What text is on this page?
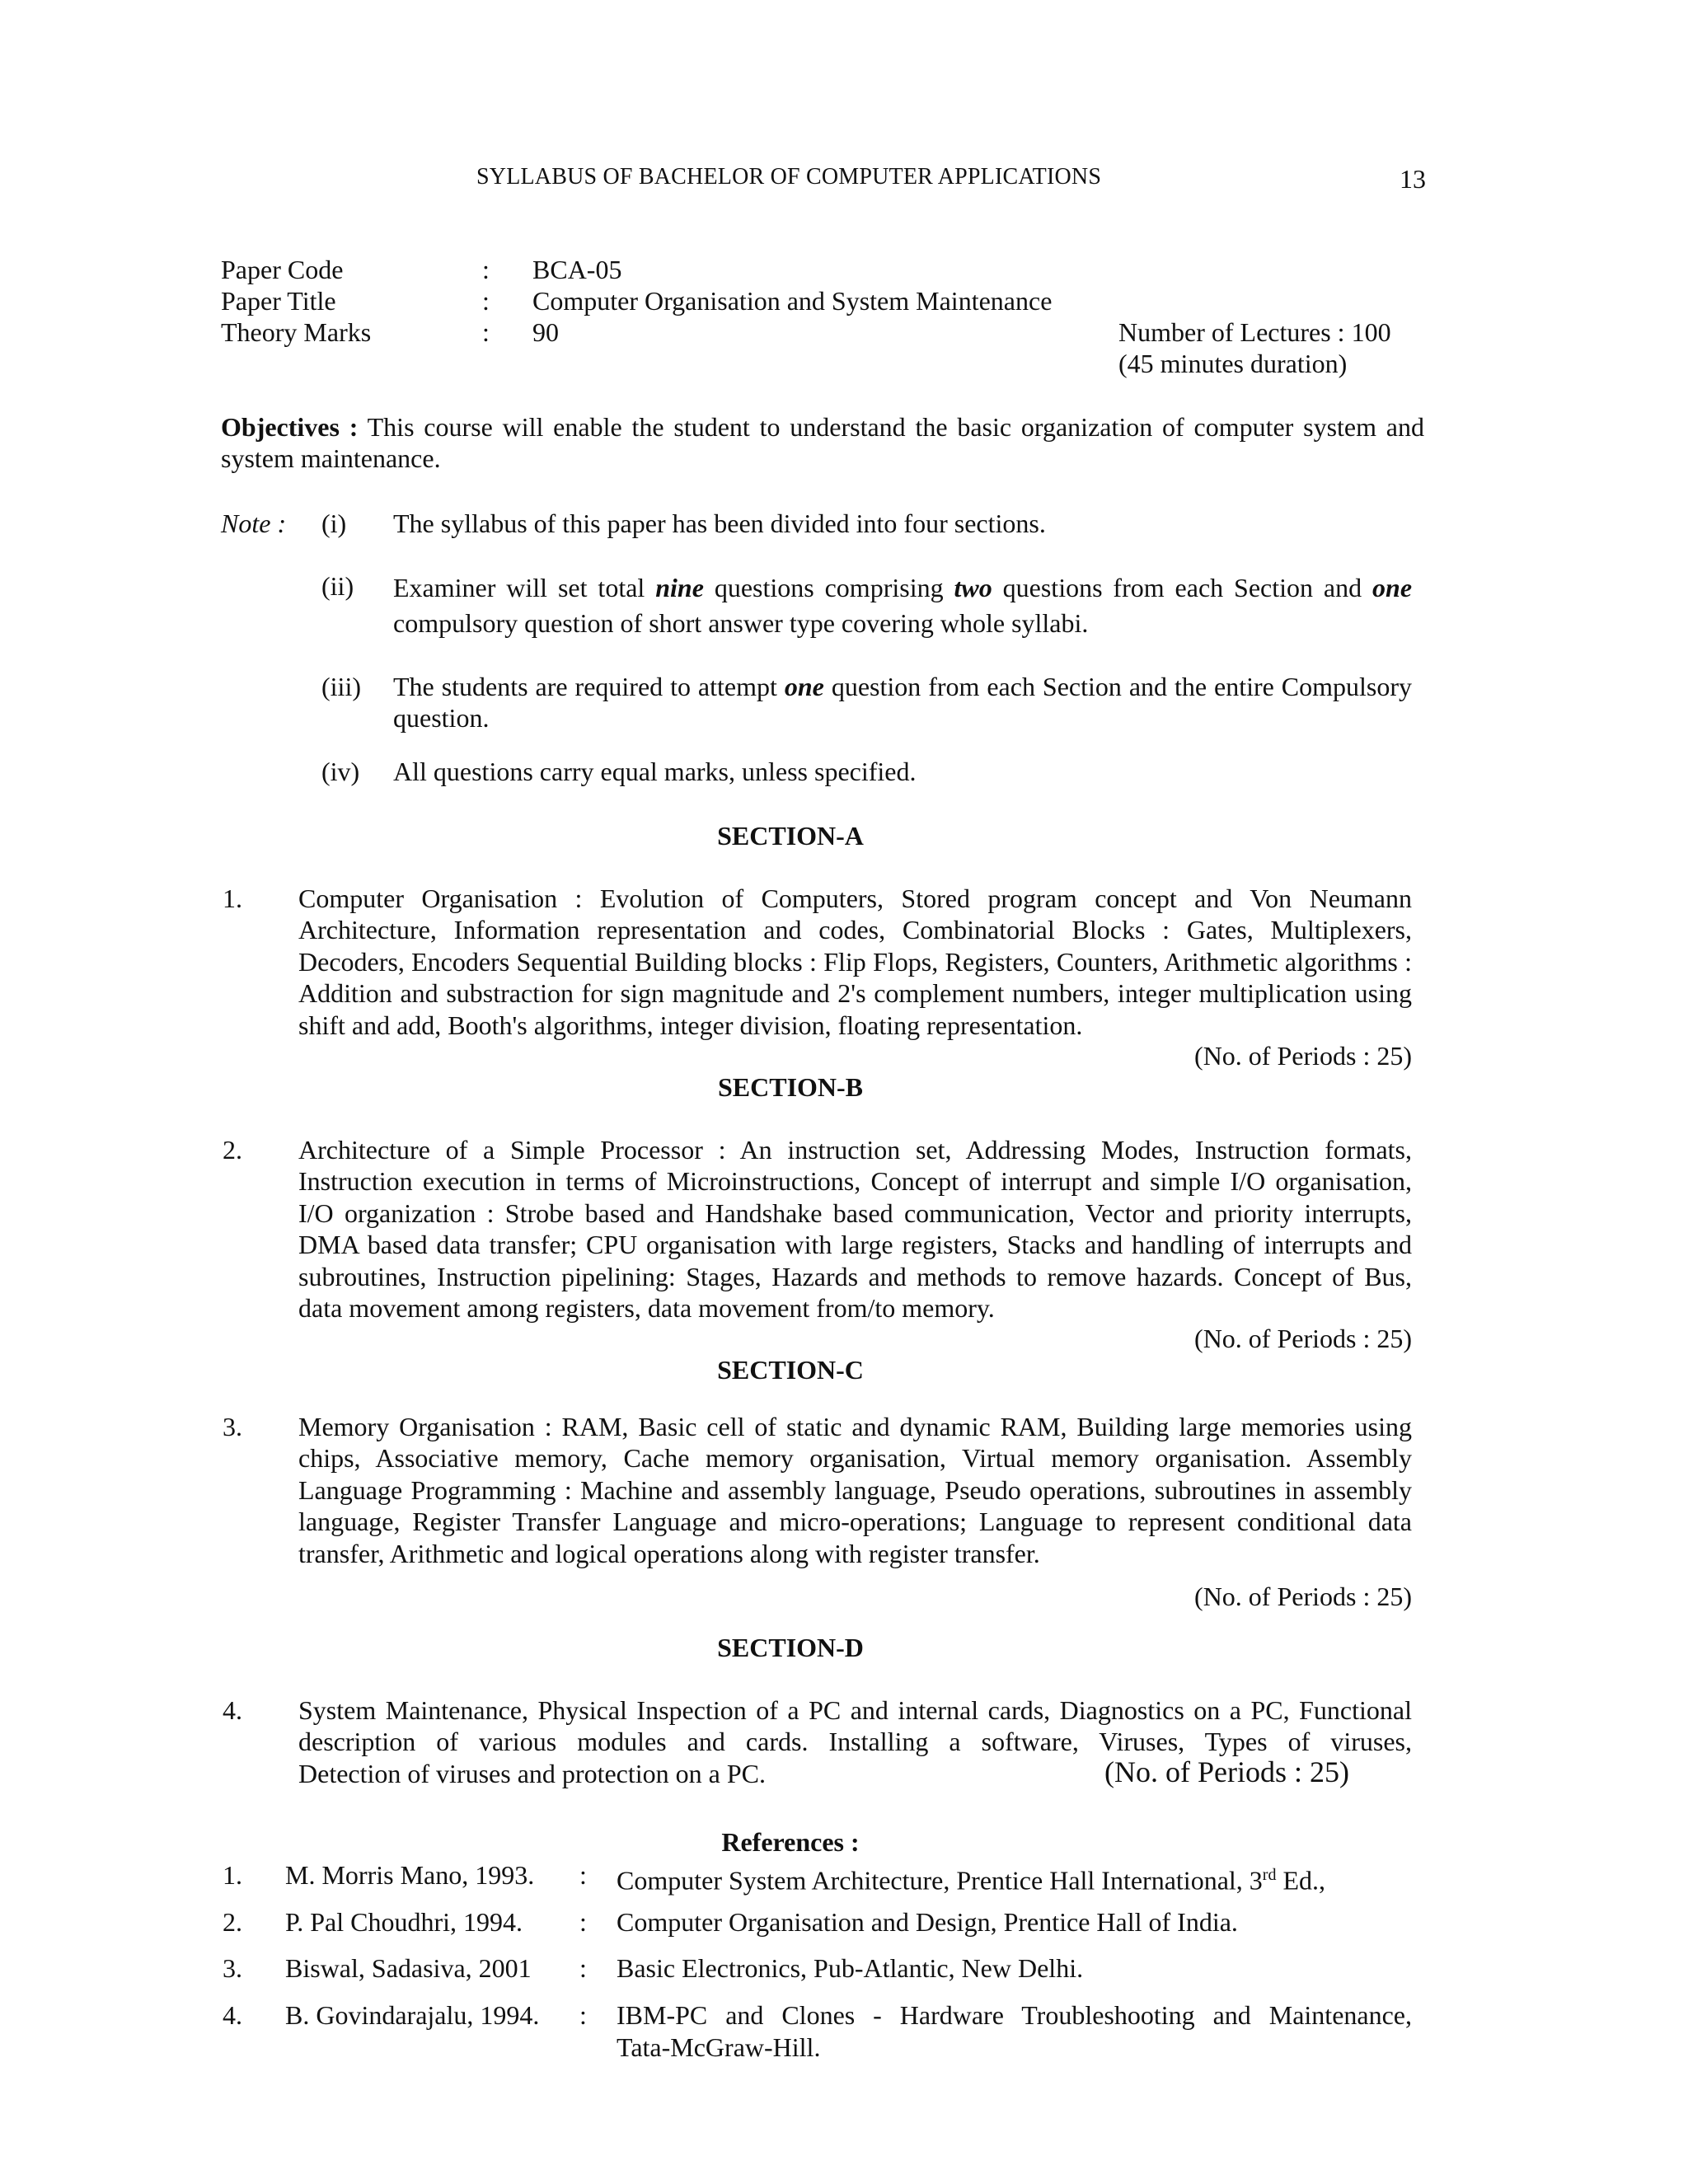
SYLLABUS OF BACHELOR OF COMPUTER APPLICATIONS	13
Paper Code	: BCA-05
Paper Title	: Computer Organisation and System Maintenance
Theory Marks	: 90	Number of Lectures : 100
(45 minutes duration)
Objectives : This course will enable the student to understand the basic organization of computer system and system maintenance.
Note : (i) The syllabus of this paper has been divided into four sections.
(ii) Examiner will set total nine questions comprising two questions from each Section and one compulsory question of short answer type covering whole syllabi.
(iii) The students are required to attempt one question from each Section and the entire Compulsory question.
(iv) All questions carry equal marks, unless specified.
SECTION-A
1. Computer Organisation : Evolution of Computers, Stored program concept and Von Neumann Architecture, Information representation and codes, Combinatorial Blocks : Gates, Multiplexers, Decoders, Encoders Sequential Building blocks : Flip Flops, Registers, Counters, Arithmetic algorithms : Addition and substraction for sign magnitude and 2's complement numbers, integer multiplication using shift and add, Booth's algorithms, integer division, floating representation.
(No. of Periods : 25)
SECTION-B
2. Architecture of a Simple Processor : An instruction set, Addressing Modes, Instruction formats, Instruction execution in terms of Microinstructions, Concept of interrupt and simple I/O organisation, I/O organization : Strobe based and Handshake based communication, Vector and priority interrupts, DMA based data transfer; CPU organisation with large registers, Stacks and handling of interrupts and subroutines, Instruction pipelining: Stages, Hazards and methods to remove hazards. Concept of Bus, data movement among registers, data movement from/to memory.
(No. of Periods : 25)
SECTION-C
3. Memory Organisation : RAM, Basic cell of static and dynamic RAM, Building large memories using chips, Associative memory, Cache memory organisation, Virtual memory organisation. Assembly Language Programming : Machine and assembly language, Pseudo operations, subroutines in assembly language, Register Transfer Language and micro-operations; Language to represent conditional data transfer, Arithmetic and logical operations along with register transfer.
(No. of Periods : 25)
SECTION-D
4. System Maintenance, Physical Inspection of a PC and internal cards, Diagnostics on a PC, Functional description of various modules and cards. Installing a software, Viruses, Types of viruses,
Detection of viruses and protection on a PC.	(No. of Periods : 25)
References :
1. M. Morris Mano, 1993. : Computer System Architecture, Prentice Hall International, 3rd Ed.,
2. P. Pal Choudhri, 1994. : Computer Organisation and Design, Prentice Hall of India.
3. Biswal, Sadasiva, 2001 : Basic Electronics, Pub-Atlantic, New Delhi.
4. B. Govindarajalu, 1994. : IBM-PC and Clones - Hardware Troubleshooting and Maintenance,
Tata-McGraw-Hill.
